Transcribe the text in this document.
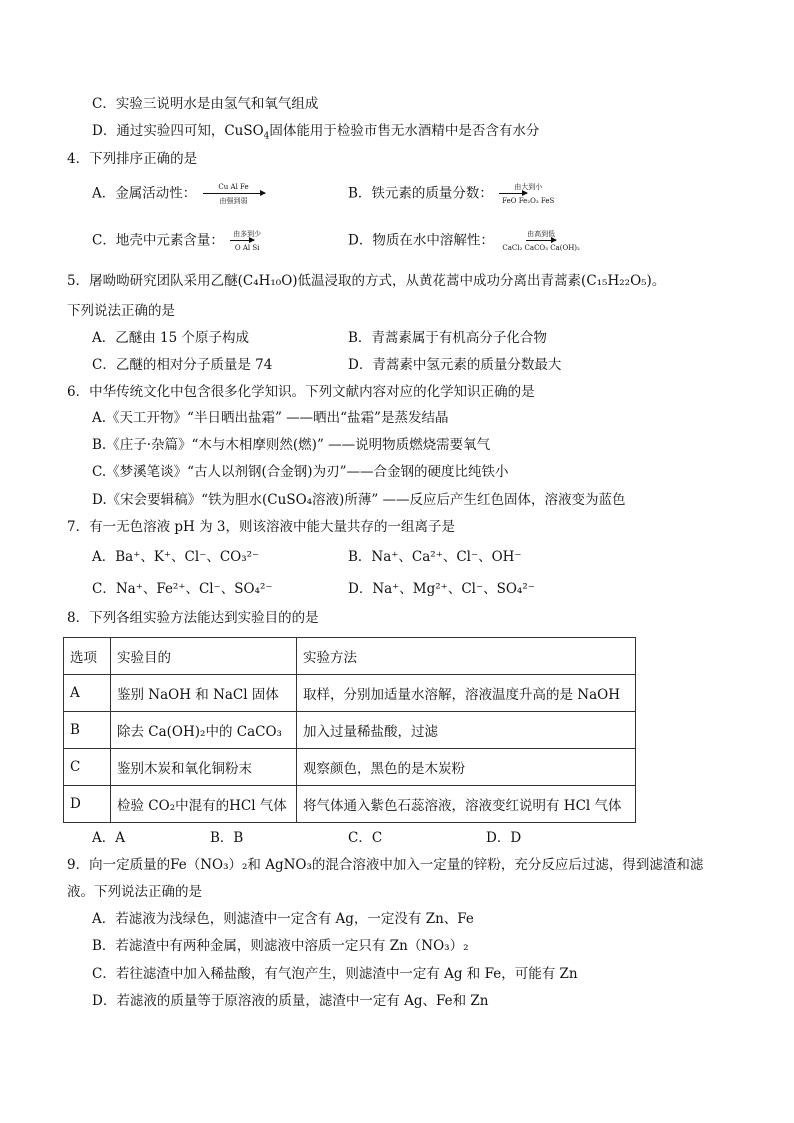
C．实验三说明水是由氢气和氧气组成
D．通过实验四可知，CuSO$_4$固体能用于检验市售无水酒精中是否含有水分
4．下列排序正确的是
A．金属活动性：	Cu Al Fe
由强到弱	B．铁元素的质量分数：	由大到小
FeO Fe₂O₃ FeS
C．地壳中元素含量：	由多到少
O Al Si	D．物质在水中溶解性：	由高到低
CaCl₂ CaCO₃ Ca(OH)₂
5．屠呦呦研究团队采用乙醚(C₄H₁₀O)低温浸取的方式，从黄花蒿中成功分离出青蒿素(C₁₅H₂₂O₅)。
下列说法正确的是
A．乙醚由 15 个原子构成	B．青蒿素属于有机高分子化合物
C．乙醚的相对分子质量是 74	D．青蒿素中氢元素的质量分数最大
6．中华传统文化中包含很多化学知识。下列文献内容对应的化学知识正确的是
A.《天工开物》“半日晒出盐霜” ——晒出“盐霜”是蒸发结晶
B.《庄子·杂篇》“木与木相摩则然(燃)” ——说明物质燃烧需要氧气
C.《梦溪笔谈》“古人以剂钢(合金钢)为刃”——合金钢的硬度比纯铁小
D.《宋会要辑稿》“铁为胆水(CuSO₄溶液)所薄” ——反应后产生红色固体，溶液变为蓝色
7．有一无色溶液 pH 为 3，则该溶液中能大量共存的一组离子是
A．Ba⁺、K⁺、Cl⁻、CO₃²⁻	B．Na⁺、Ca²⁺、Cl⁻、OH⁻
C．Na⁺、Fe²⁺、Cl⁻、SO₄²⁻	D．Na⁺、Mg²⁺、Cl⁻、SO₄²⁻
8．下列各组实验方法能达到实验目的的是
选项	实验目的	实验方法
A	鉴别 NaOH 和 NaCl 固体	取样，分别加适量水溶解，溶液温度升高的是 NaOH
B	除去 Ca(OH)₂中的 CaCO₃	加入过量稀盐酸，过滤
C	鉴别木炭和氧化铜粉末	观察颜色，黑色的是木炭粉
D	检验 CO₂中混有的HCl 气体	将气体通入紫色石蕊溶液，溶液变红说明有 HCl 气体
A．A	B．B	C．C	D．D
9．向一定质量的Fe（NO₃）₂和 AgNO₃的混合溶液中加入一定量的锌粉，充分反应后过滤，得到滤渣和滤
液。下列说法正确的是
A．若滤液为浅绿色，则滤渣中一定含有 Ag，一定没有 Zn、Fe
B．若滤渣中有两种金属，则滤液中溶质一定只有 Zn（NO₃）₂
C．若往滤渣中加入稀盐酸，有气泡产生，则滤渣中一定有 Ag 和 Fe，可能有 Zn
D．若滤液的质量等于原溶液的质量，滤渣中一定有 Ag、Fe和 Zn
